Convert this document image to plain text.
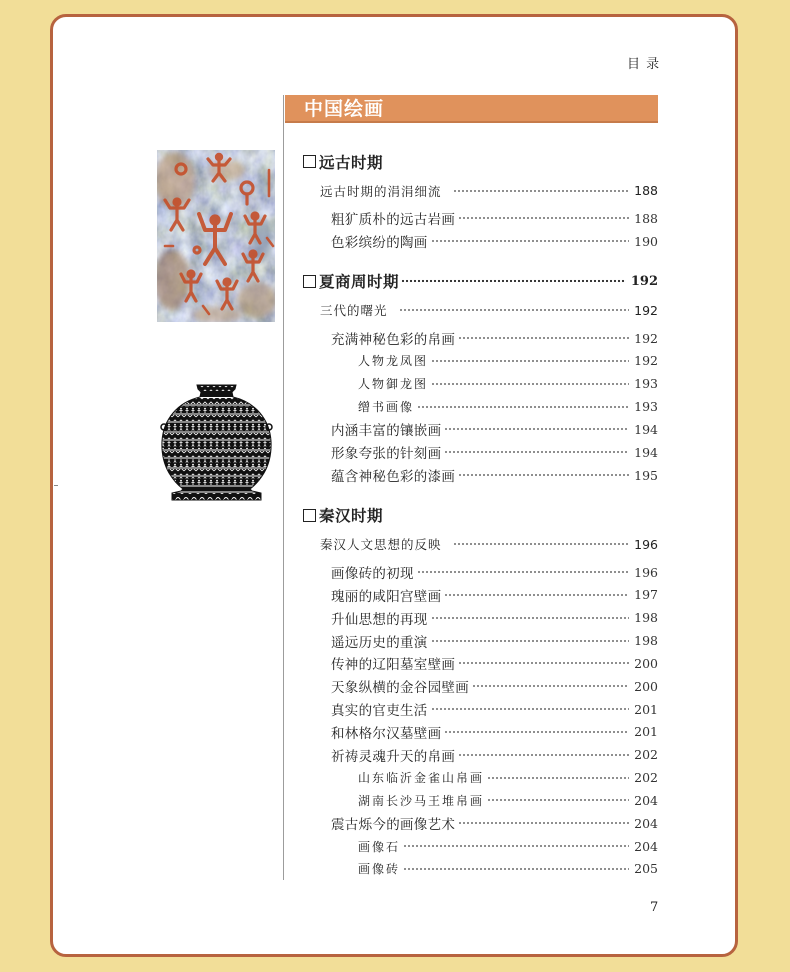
目 录
中国绘画
远古时期
远古时期的涓涓细流	188
粗犷质朴的远古岩画	188
色彩缤纷的陶画	190
夏商周时期	192
三代的曙光	192
充满神秘色彩的帛画	192
人物龙凤图	192
人物御龙图	193
缯书画像	193
内涵丰富的镶嵌画	194
形象夸张的针刻画	194
蕴含神秘色彩的漆画	195
秦汉时期
秦汉人文思想的反映	196
画像砖的初现	196
瑰丽的咸阳宫壁画	197
升仙思想的再现	198
遥远历史的重演	198
传神的辽阳墓室壁画	200
天象纵横的金谷园壁画	200
真实的官吏生活	201
和林格尔汉墓壁画	201
祈祷灵魂升天的帛画	202
山东临沂金雀山帛画	202
湖南长沙马王堆帛画	204
震古烁今的画像艺术	204
画像石	204
画像砖	205
7
